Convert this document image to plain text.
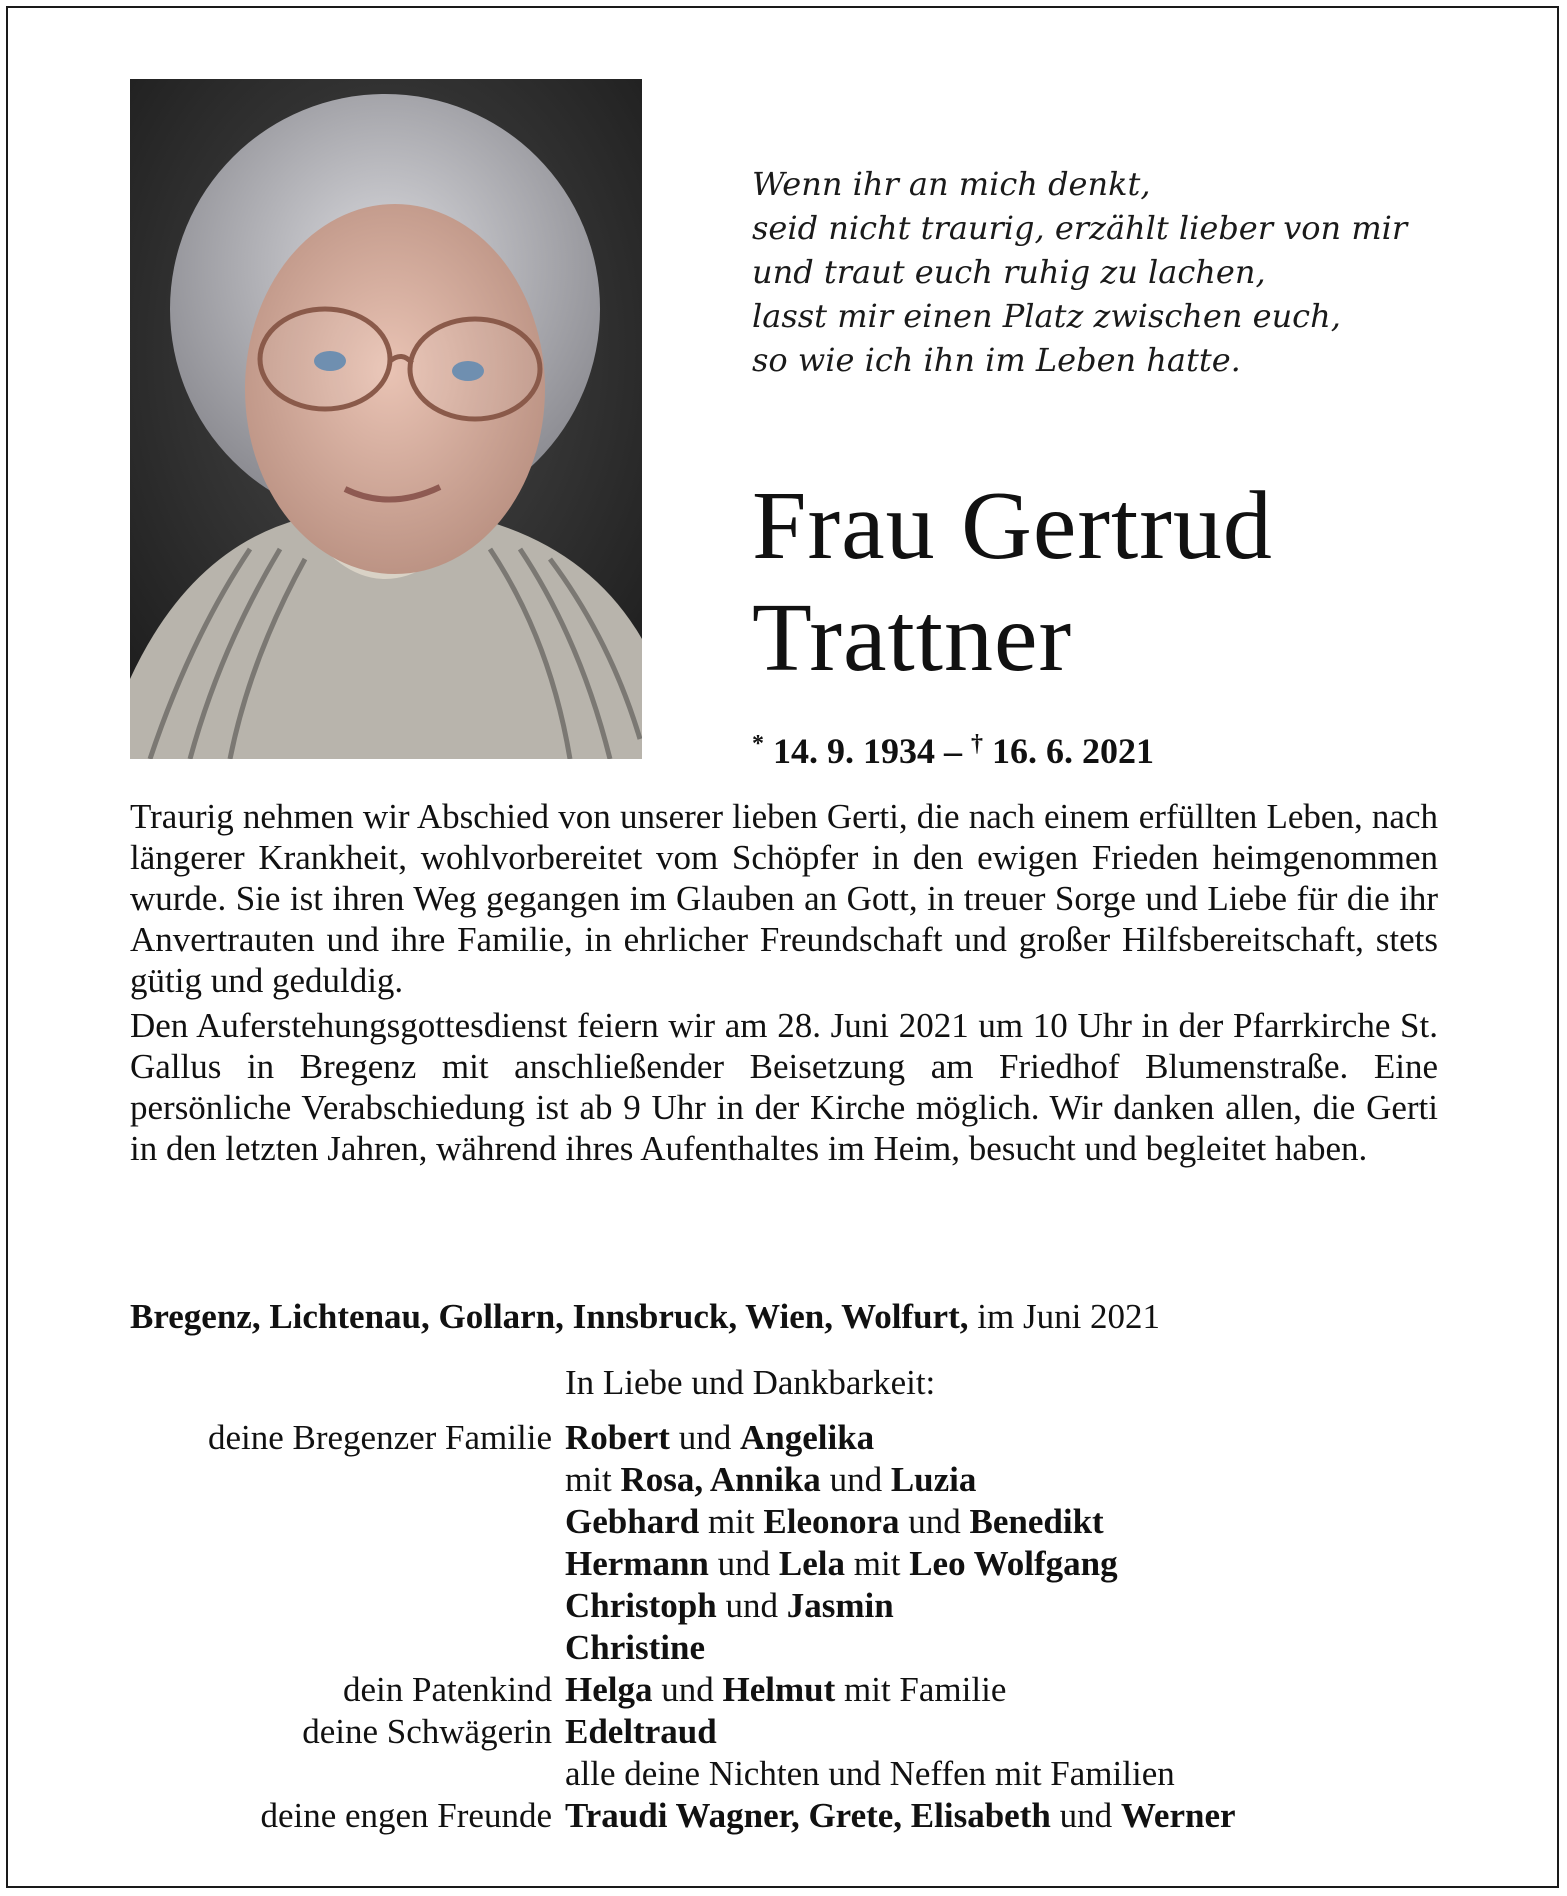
Wenn ihr an mich denkt,
seid nicht traurig, erzählt lieber von mir
und traut euch ruhig zu lachen,
lasst mir einen Platz zwischen euch,
so wie ich ihn im Leben hatte.
Frau Gertrud
Trattner
* 14. 9. 1934 – † 16. 6. 2021

Traurig nehmen wir Abschied von unserer lieben Gerti, die nach einem erfüllten Leben, nach längerer Krankheit, wohlvorbereitet vom Schöpfer in den ewigen Frieden heimgenommen wurde. Sie ist ihren Weg gegangen im Glauben an Gott, in treuer Sorge und Liebe für die ihr Anvertrauten und ihre Familie, in ehrlicher Freundschaft und großer Hilfsbereitschaft, stets gütig und geduldig.

Den Auferstehungsgottesdienst feiern wir am 28. Juni 2021 um 10 Uhr in der Pfarrkirche St. Gallus in Bregenz mit anschließender Beisetzung am Friedhof Blumenstraße. Eine persönliche Verabschiedung ist ab 9 Uhr in der Kirche möglich. Wir danken allen, die Gerti in den letzten Jahren, während ihres Aufenthaltes im Heim, besucht und begleitet haben.

Bregenz, Lichtenau, Gollarn, Innsbruck, Wien, Wolfurt, im Juni 2021
In Liebe und Dankbarkeit:
deine Bregenzer Familie Robert und Angelika
mit Rosa, Annika und Luzia
Gebhard mit Eleonora und Benedikt
Hermann und Lela mit Leo Wolfgang
Christoph und Jasmin
Christine
dein Patenkind Helga und Helmut mit Familie
deine Schwägerin Edeltraud
alle deine Nichten und Neffen mit Familien
deine engen Freunde Traudi Wagner, Grete, Elisabeth und Werner
